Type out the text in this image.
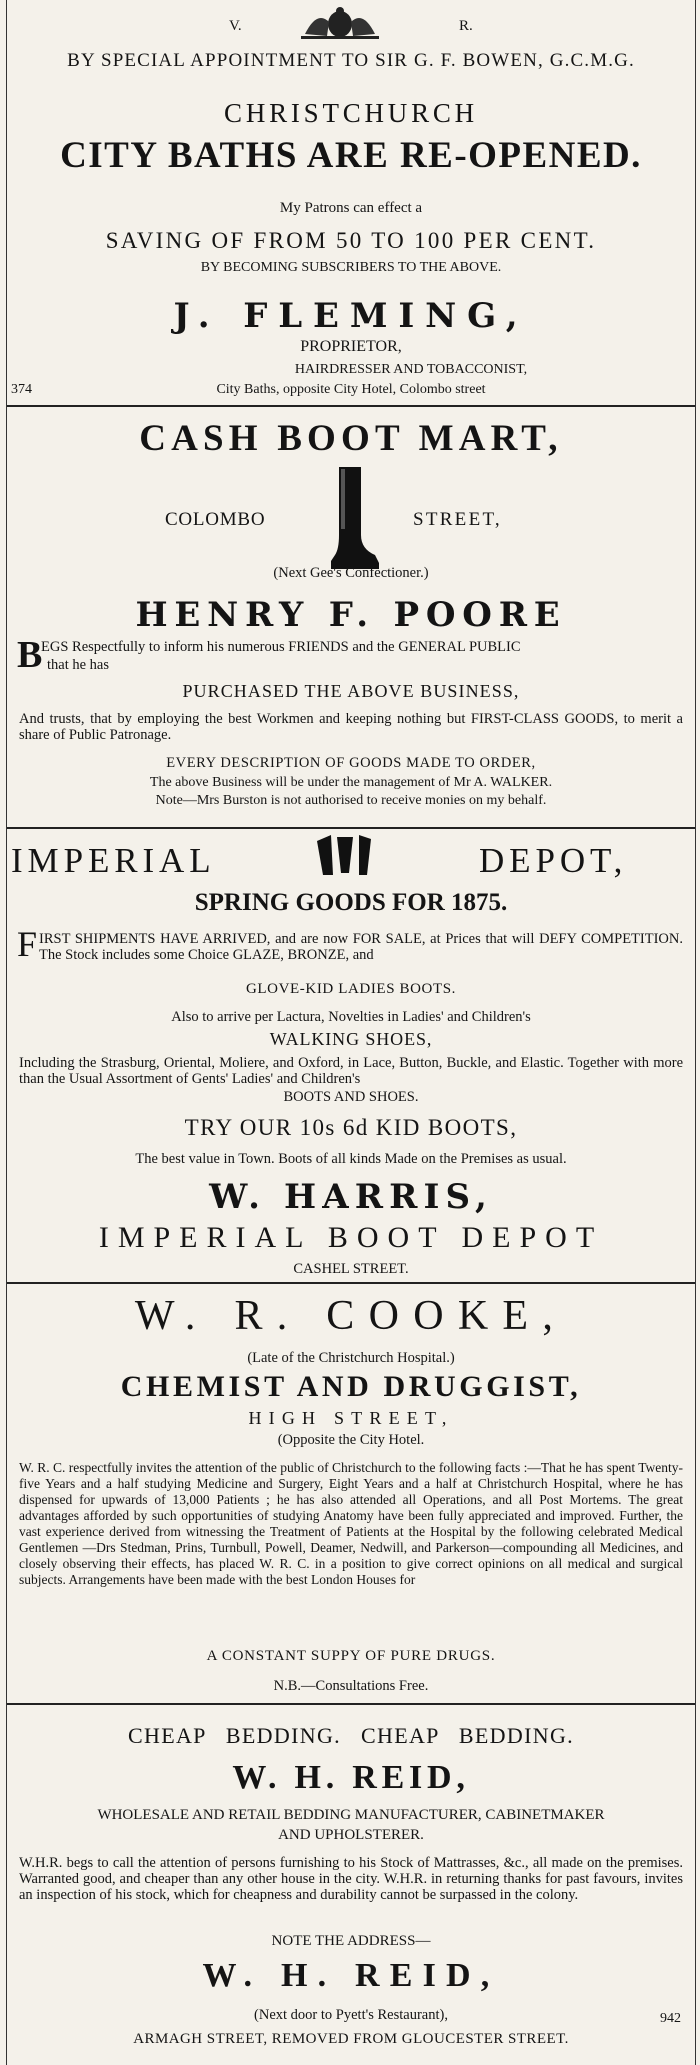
V.	R.
BY SPECIAL APPOINTMENT TO SIR G. F. BOWEN, G.C.M.G.
CHRISTCHURCH
CITY BATHS ARE RE-OPENED.
My Patrons can effect a
SAVING OF FROM 50 TO 100 PER CENT.
BY BECOMING SUBSCRIBERS TO THE ABOVE.
J. FLEMING,
PROPRIETOR,
HAIRDRESSER AND TOBACCONIST,
374	City Baths, opposite City Hotel, Colombo street
CASH BOOT MART,
COLOMBO	STREET,
(Next Gee's Confectioner.)
HENRY F. POORE
B
EGS Respectfully to inform his numerous FRIENDS and the GENERAL PUBLIC
that he has
PURCHASED THE ABOVE BUSINESS,
And trusts, that by employing the best Workmen and keeping nothing but FIRST-CLASS GOODS, to merit a share of Public Patronage.
EVERY DESCRIPTION OF GOODS MADE TO ORDER,
The above Business will be under the management of Mr A. WALKER.
Note—Mrs Burston is not authorised to receive monies on my behalf.
IMPERIAL	DEPOT,
SPRING GOODS FOR 1875.
F IRST SHIPMENTS HAVE ARRIVED, and are now FOR SALE, at Prices that will DEFY COMPETITION. The Stock includes some Choice GLAZE, BRONZE, and
GLOVE-KID LADIES BOOTS.
Also to arrive per Lactura, Novelties in Ladies' and Children's
WALKING SHOES,
Including the Strasburg, Oriental, Moliere, and Oxford, in Lace, Button, Buckle, and Elastic. Together with more than the Usual Assortment of Gents' Ladies' and Children's
BOOTS AND SHOES.
TRY OUR 10s 6d KID BOOTS,
The best value in Town. Boots of all kinds Made on the Premises as usual.
W. HARRIS,
IMPERIAL BOOT DEPOT
CASHEL STREET.
W. R. COOKE,
(Late of the Christchurch Hospital.)
CHEMIST AND DRUGGIST,
HIGH STREET,
(Opposite the City Hotel.
W. R. C. respectfully invites the attention of the public of Christchurch to the following facts :—That he has spent Twenty-five Years and a half studying Medicine and Surgery, Eight Years and a half at Christchurch Hospital, where he has dispensed for upwards of 13,000 Patients ; he has also attended all Operations, and all Post Mortems. The great advantages afforded by such opportunities of studying Anatomy have been fully appreciated and improved. Further, the vast experience derived from witnessing the Treatment of Patients at the Hospital by the following celebrated Medical Gentlemen —Drs Stedman, Prins, Turnbull, Powell, Deamer, Nedwill, and Parkerson—compounding all Medicines, and closely observing their effects, has placed W. R. C. in a position to give correct opinions on all medical and surgical subjects. Arrangements have been made with the best London Houses for
A CONSTANT SUPPY OF PURE DRUGS.
N.B.—Consultations Free.
CHEAP BEDDING. CHEAP BEDDING.
W. H. REID,
WHOLESALE AND RETAIL BEDDING MANUFACTURER, CABINETMAKER
AND UPHOLSTERER.
W.H.R. begs to call the attention of persons furnishing to his Stock of Mattrasses, &c., all made on the premises. Warranted good, and cheaper than any other house in the city. W.H.R. in returning thanks for past favours, invites an inspection of his stock, which for cheapness and durability cannot be surpassed in the colony.
NOTE THE ADDRESS—
W. H. REID,
(Next door to Pyett's Restaurant),
ARMAGH STREET, REMOVED FROM GLOUCESTER STREET.
942
